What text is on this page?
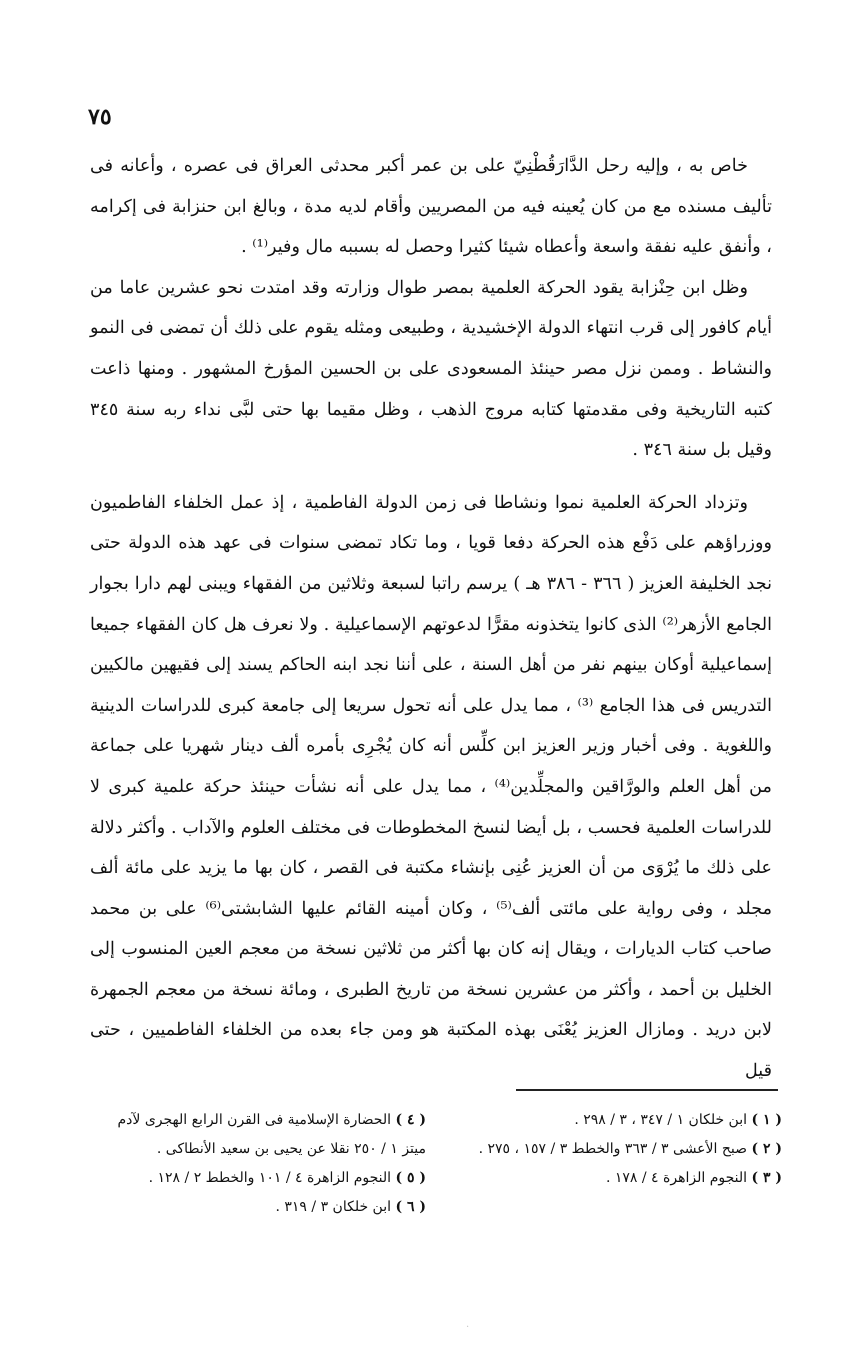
٧٥

خاص به ، وإليه رحل الدَّارَقُطْنِيّ على بن عمر أكبر محدثى العراق فى عصره ، وأعانه فى تأليف مسنده مع من كان يُعينه فيه من المصريين وأقام لديه مدة ، وبالغ ابن حنزابة فى إكرامه ، وأنفق عليه نفقة واسعة وأعطاه شيئا كثيرا وحصل له بسببه مال وفير⁽¹⁾ .

وظل ابن حِنْزابة يقود الحركة العلمية بمصر طوال وزارته وقد امتدت نحو عشرين عاما من أيام كافور إلى قرب انتهاء الدولة الإخشيدية ، وطبيعى ومثله يقوم على ذلك أن تمضى فى النمو والنشاط . وممن نزل مصر حينئذ المسعودى على بن الحسين المؤرخ المشهور . ومنها ذاعت كتبه التاريخية وفى مقدمتها كتابه مروج الذهب ، وظل مقيما بها حتى لبَّى نداء ربه سنة ٣٤٥ وقيل بل سنة ٣٤٦ .

وتزداد الحركة العلمية نموا ونشاطا فى زمن الدولة الفاطمية ، إذ عمل الخلفاء الفاطميون ووزراؤهم على دَفْع هذه الحركة دفعا قويا ، وما تكاد تمضى سنوات فى عهد هذه الدولة حتى نجد الخليفة العزيز ( ٣٦٦ - ٣٨٦ هـ ) يرسم راتبا لسبعة وثلاثين من الفقهاء ويبنى لهم دارا بجوار الجامع الأزهر⁽²⁾ الذى كانوا يتخذونه مقرًّا لدعوتهم الإسماعيلية . ولا نعرف هل كان الفقهاء جميعا إسماعيلية أوكان بينهم نفر من أهل السنة ، على أننا نجد ابنه الحاكم يسند إلى فقيهين مالكيين التدريس فى هذا الجامع ⁽³⁾ ، مما يدل على أنه تحول سريعا إلى جامعة كبرى للدراسات الدينية واللغوية . وفى أخبار وزير العزيز ابن كلِّس أنه كان يُجْرِى بأمره ألف دينار شهريا على جماعة من أهل العلم والورَّاقين والمجلِّدين⁽⁴⁾ ، مما يدل على أنه نشأت حينئذ حركة علمية كبرى لا للدراسات العلمية فحسب ، بل أيضا لنسخ المخطوطات فى مختلف العلوم والآداب . وأكثر دلالة على ذلك ما يُرْوَى من أن العزيز عُنِى بإنشاء مكتبة فى القصر ، كان بها ما يزيد على مائة ألف مجلد ، وفى رواية على مائتى ألف⁽⁵⁾ ، وكان أمينه القائم عليها الشابشتى⁽⁶⁾ على بن محمد صاحب كتاب الديارات ، ويقال إنه كان بها أكثر من ثلاثين نسخة من معجم العين المنسوب إلى الخليل بن أحمد ، وأكثر من عشرين نسخة من تاريخ الطبرى ، ومائة نسخة من معجم الجمهرة لابن دريد . ومازال العزيز يُعْنَى بهذه المكتبة هو ومن جاء بعده من الخلفاء الفاطميين ، حتى قيل

( ١ ) ابن خلكان ١ / ٣٤٧ ، ٣ / ٢٩٨ .

( ٢ ) صبح الأعشى ٣ / ٣٦٣ والخطط ٣ / ١٥٧ ، ٢٧٥ .

( ٣ ) النجوم الزاهرة ٤ / ١٧٨ .

( ٤ ) الحضارة الإسلامية فى القرن الرابع الهجرى لآدم ميتز ١ / ٢٥٠ نقلا عن يحيى بن سعيد الأنطاكى .

( ٥ ) النجوم الزاهرة ٤ / ١٠١ والخطط ٢ / ١٢٨ .

( ٦ ) ابن خلكان ٣ / ٣١٩ .

·
